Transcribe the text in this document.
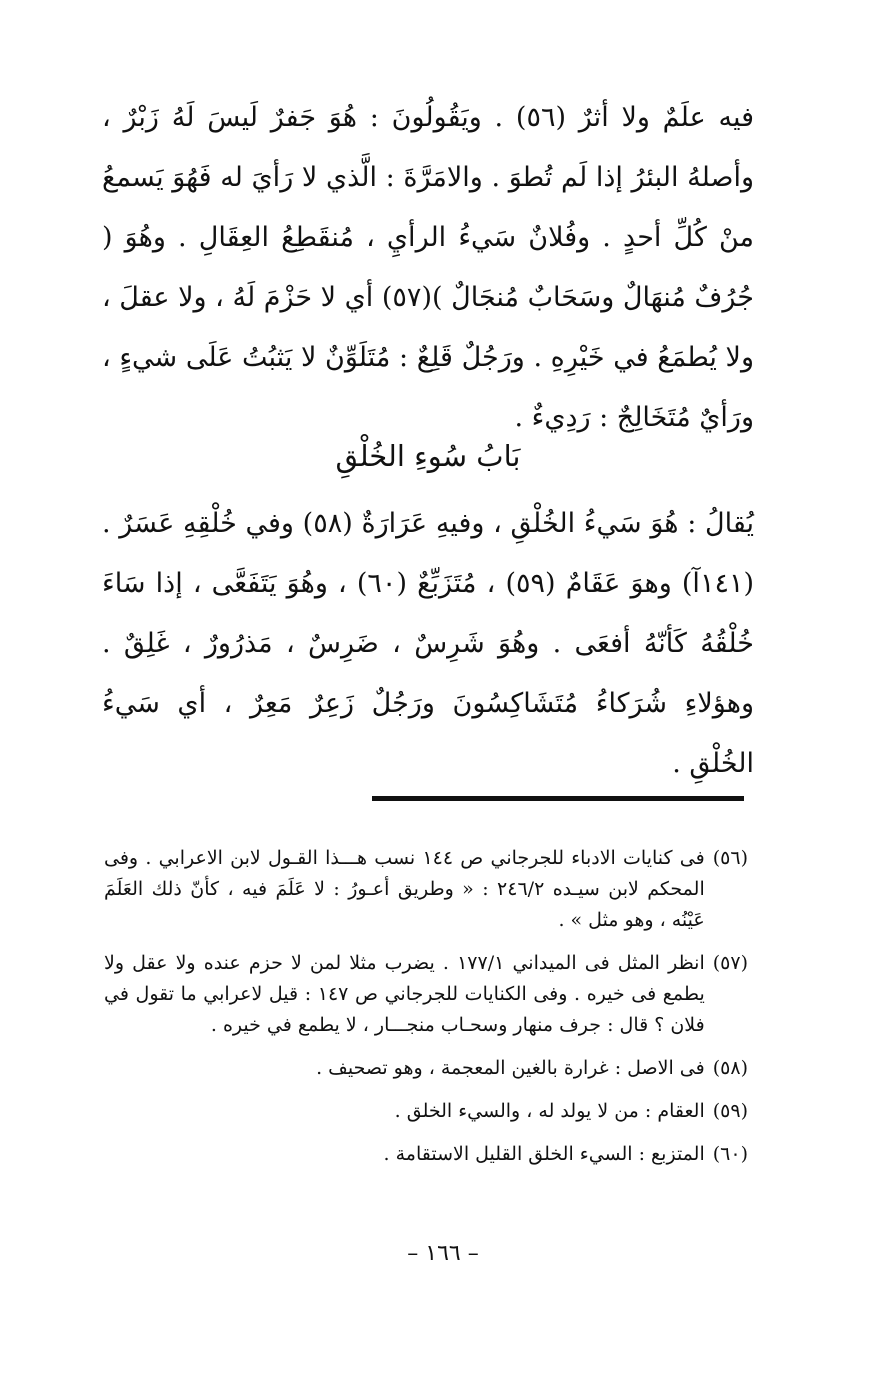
فيه علَمٌ ولا أثرٌ (٥٦) . ويَقُولُونَ : هُوَ جَفرٌ لَيسَ لَهُ زَبْرٌ ، وأصلهُ البئرُ إذا لَم تُطوَ . والامَرَّةَ : الَّذي لا رَأيَ له فَهُوَ يَسمعُ منْ كُلِّ أحدٍ . وفُلانٌ سَيءُ الرأيِ ، مُنقَطِعُ العِقَالِ . وهُوَ ( جُرُفٌ مُنهَالٌ وسَحَابٌ مُنجَالٌ )(٥٧) أي لا حَزْمَ لَهُ ، ولا عقلَ ، ولا يُطمَعُ في خَيْرِهِ . ورَجُلٌ قَلِعٌ : مُتَلَوِّنٌ لا يَثبُتُ عَلَى شيءٍ ، ورَأيٌ مُتَخَالِجٌ : رَدِيءٌ .

بَابُ سُوءِ الخُلْقِ

يُقالُ : هُوَ سَيءُ الخُلْقِ ، وفيهِ عَرَارَةٌ (٥٨) وفي خُلْقِهِ عَسَرٌ . (١٤١آ) وهوَ عَقَامٌ (٥٩) ، مُتَزَبِّعٌ (٦٠) ، وهُوَ يَتَفَعَّى ، إذا سَاءَ خُلْقُهُ كَأنّهُ أفعَى . وهُوَ شَرِسٌ ، ضَرِسٌ ، مَذرُورٌ ، غَلِقٌ . وهؤلاءِ شُرَكاءُ مُتَشَاكِسُونَ ورَجُلٌ زَعِرٌ مَعِرٌ ، أي سَيءُ الخُلْقِ .

(٥٦)
فى كنايات الادباء للجرجاني ص ١٤٤ نسب هـــذا القـول لابن الاعرابي . وفى المحكم لابن سيـده ٢٤٦/٢ : « وطريق أعـورُ : لا عَلَمَ فيه ، كأنّ ذلك العَلَمَ عَيْنُه ، وهو مثل » .
(٥٧)
انظر المثل فى الميداني ١٧٧/١ . يضرب مثلا لمن لا حزم عنده ولا عقل ولا يطمع فى خيره . وفى الكنايات للجرجاني ص ١٤٧ : قيل لاعرابي ما تقول في فلان ؟ قال : جرف منهار وسحـاب منجـــار ، لا يطمع في خيره .
(٥٨)
فى الاصل : غرارة بالغين المعجمة ، وهو تصحيف .
(٥٩)
العقام : من لا يولد له ، والسيء الخلق .
(٦٠)
المتزبع : السيء الخلق القليل الاستقامة .
– ١٦٦ –
